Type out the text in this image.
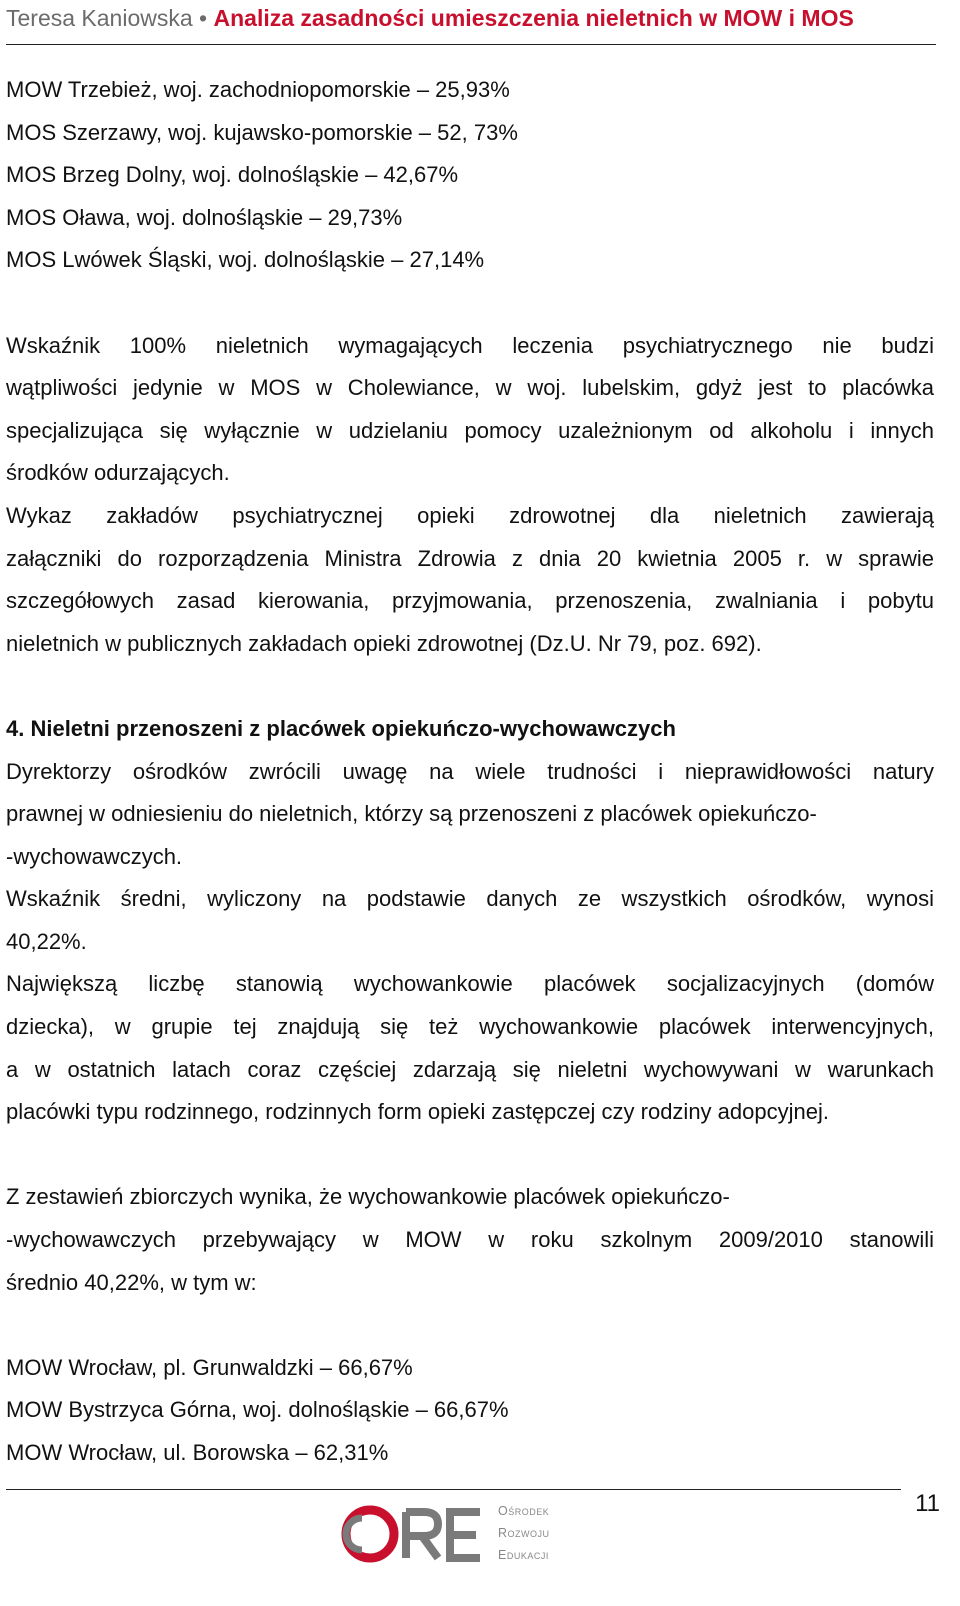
Teresa Kaniowska • Analiza zasadności umieszczenia nieletnich w MOW i MOS

MOW Trzebież, woj. zachodniopomorskie – 25,93%

MOS Szerzawy, woj. kujawsko-pomorskie – 52, 73%

MOS Brzeg Dolny, woj. dolnośląskie – 42,67%

MOS Oława, woj. dolnośląskie – 29,73%

MOS Lwówek Śląski, woj. dolnośląskie – 27,14%

Wskaźnik 100% nieletnich wymagających leczenia psychiatrycznego nie budzi

wątpliwości jedynie w MOS w Cholewiance, w woj. lubelskim, gdyż jest to placówka

specjalizująca się wyłącznie w udzielaniu pomocy uzależnionym od alkoholu i innych

środków odurzających.

Wykaz zakładów psychiatrycznej opieki zdrowotnej dla nieletnich zawierają

załączniki do rozporządzenia Ministra Zdrowia z dnia 20 kwietnia 2005 r. w sprawie

szczegółowych zasad kierowania, przyjmowania, przenoszenia, zwalniania i pobytu

nieletnich w publicznych zakładach opieki zdrowotnej (Dz.U. Nr 79, poz. 692).

4. Nieletni przenoszeni z placówek opiekuńczo-wychowawczych

Dyrektorzy ośrodków zwrócili uwagę na wiele trudności i nieprawidłowości natury

prawnej w odniesieniu do nieletnich, którzy są przenoszeni z placówek opiekuńczo-

-wychowawczych.

Wskaźnik średni, wyliczony na podstawie danych ze wszystkich ośrodków, wynosi

40,22%.

Największą liczbę stanowią wychowankowie placówek socjalizacyjnych (domów

dziecka), w grupie tej znajdują się też wychowankowie placówek interwencyjnych,

a w ostatnich latach coraz częściej zdarzają się nieletni wychowywani w warunkach

placówki typu rodzinnego, rodzinnych form opieki zastępczej czy rodziny adopcyjnej.

Z zestawień zbiorczych wynika, że wychowankowie placówek opiekuńczo-

-wychowawczych przebywający w MOW w roku szkolnym 2009/2010 stanowili

średnio 40,22%, w tym w:

MOW Wrocław, pl. Grunwaldzki – 66,67%

MOW Bystrzyca Górna, woj. dolnośląskie – 66,67%

MOW Wrocław, ul. Borowska – 62,31%

11
Ośrodek
Rozwoju
Edukacji
